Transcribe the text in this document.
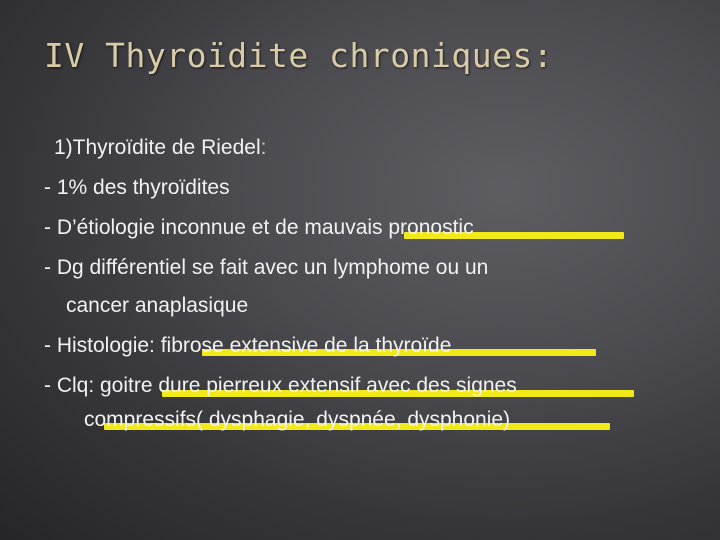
IV Thyroïdite chroniques:
1)Thyroïdite de Riedel:
- 1% des thyroïdites
- D’étiologie inconnue et de mauvais pronostic
- Dg différentiel se fait avec un lymphome ou un
cancer anaplasique
- Histologie: fibrose extensive de la thyroïde
- Clq: goitre dure pierreux extensif avec des signes
compressifs( dysphagie, dyspnée, dysphonie)
